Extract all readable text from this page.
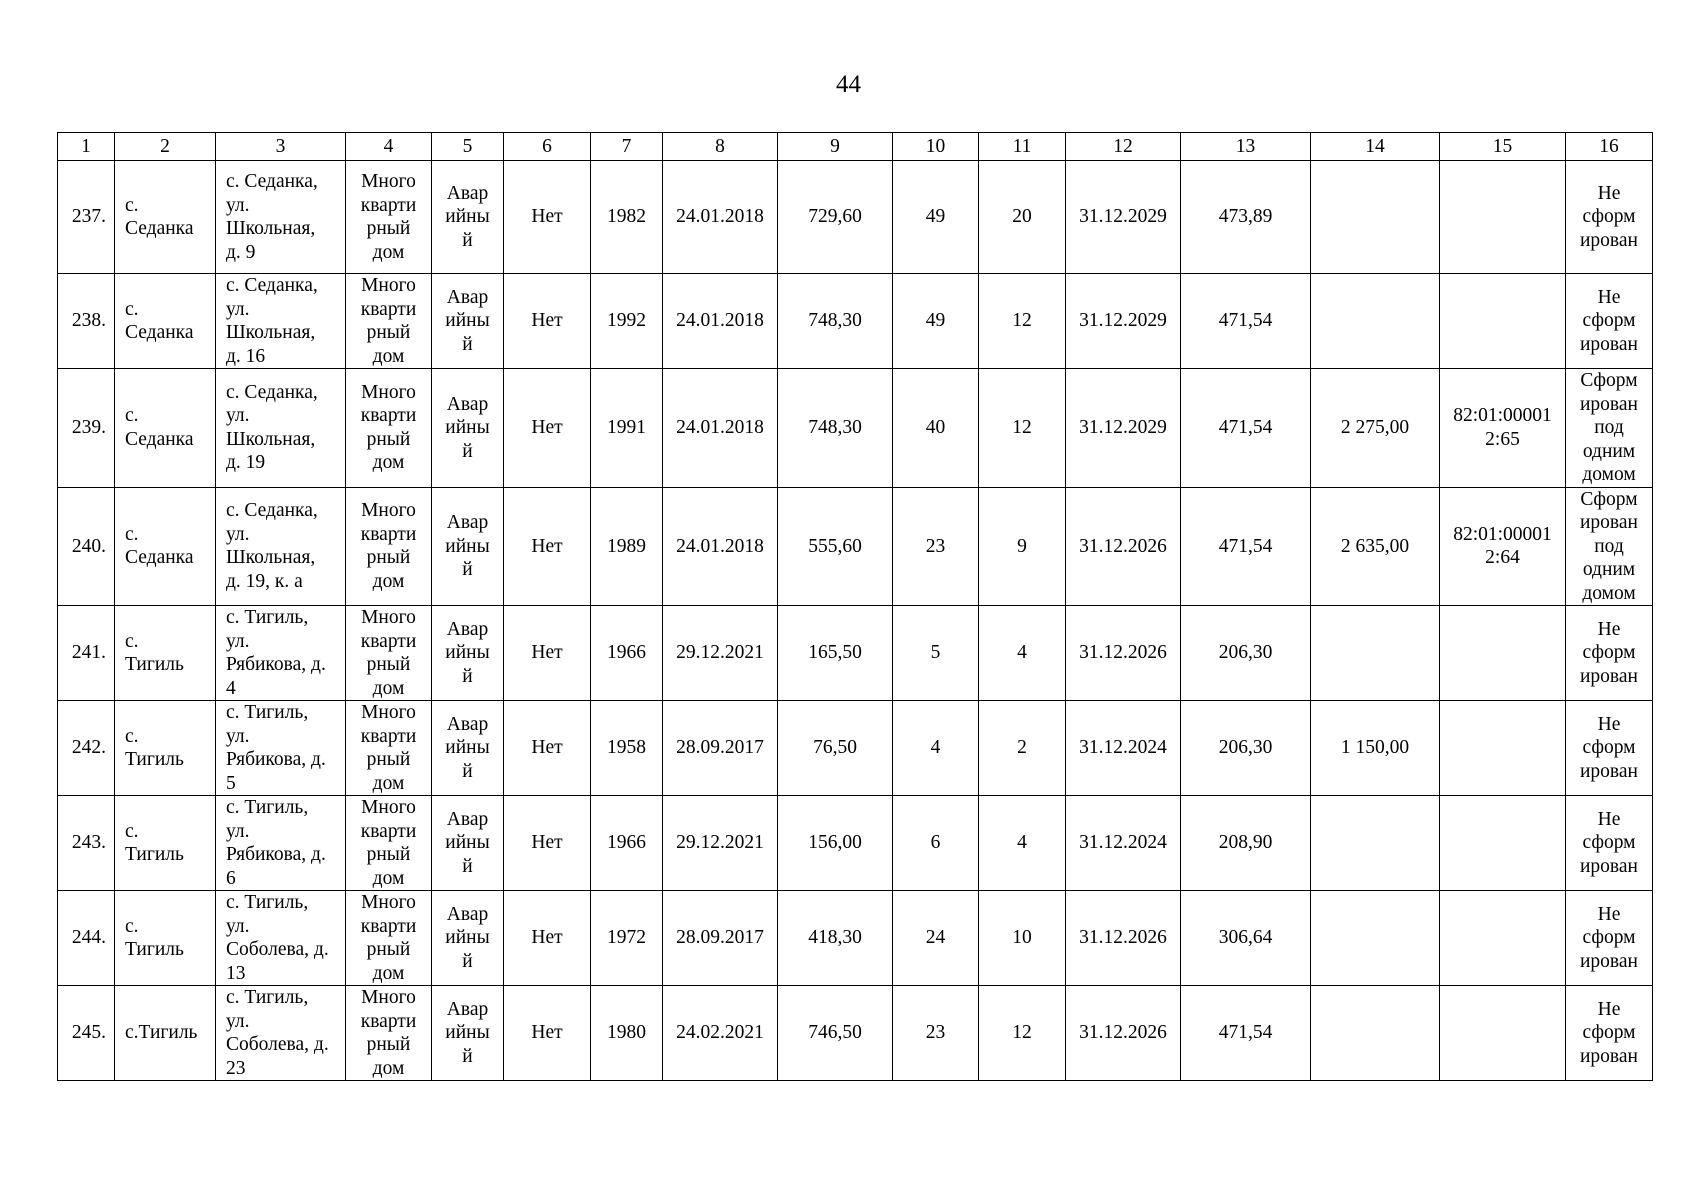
44
1	2	3	4	5	6	7	8	9	10	11	12	13	14	15	16
237.	с.
Седанка	с. Седанка,
ул.
Школьная,
д. 9	Много
кварти
рный
дом	Авар
ийны
й	Нет	1982	24.01.2018	729,60	49	20	31.12.2029	473,89			Не
сформ
ирован
238.	с.
Седанка	с. Седанка,
ул.
Школьная,
д. 16	Много
кварти
рный
дом	Авар
ийны
й	Нет	1992	24.01.2018	748,30	49	12	31.12.2029	471,54			Не
сформ
ирован
239.	с.
Седанка	с. Седанка,
ул.
Школьная,
д. 19	Много
кварти
рный
дом	Авар
ийны
й	Нет	1991	24.01.2018	748,30	40	12	31.12.2029	471,54	2 275,00	82:01:00001
2:65	Сформ
ирован
под
одним
домом
240.	с.
Седанка	с. Седанка,
ул.
Школьная,
д. 19, к. а	Много
кварти
рный
дом	Авар
ийны
й	Нет	1989	24.01.2018	555,60	23	9	31.12.2026	471,54	2 635,00	82:01:00001
2:64	Сформ
ирован
под
одним
домом
241.	с.
Тигиль	с. Тигиль,
ул.
Рябикова, д.
4	Много
кварти
рный
дом	Авар
ийны
й	Нет	1966	29.12.2021	165,50	5	4	31.12.2026	206,30			Не
сформ
ирован
242.	с.
Тигиль	с. Тигиль,
ул.
Рябикова, д.
5	Много
кварти
рный
дом	Авар
ийны
й	Нет	1958	28.09.2017	76,50	4	2	31.12.2024	206,30	1 150,00		Не
сформ
ирован
243.	с.
Тигиль	с. Тигиль,
ул.
Рябикова, д.
6	Много
кварти
рный
дом	Авар
ийны
й	Нет	1966	29.12.2021	156,00	6	4	31.12.2024	208,90			Не
сформ
ирован
244.	с.
Тигиль	с. Тигиль,
ул.
Соболева, д.
13	Много
кварти
рный
дом	Авар
ийны
й	Нет	1972	28.09.2017	418,30	24	10	31.12.2026	306,64			Не
сформ
ирован
245.	с.Тигиль	с. Тигиль,
ул.
Соболева, д.
23	Много
кварти
рный
дом	Авар
ийны
й	Нет	1980	24.02.2021	746,50	23	12	31.12.2026	471,54			Не
сформ
ирован
